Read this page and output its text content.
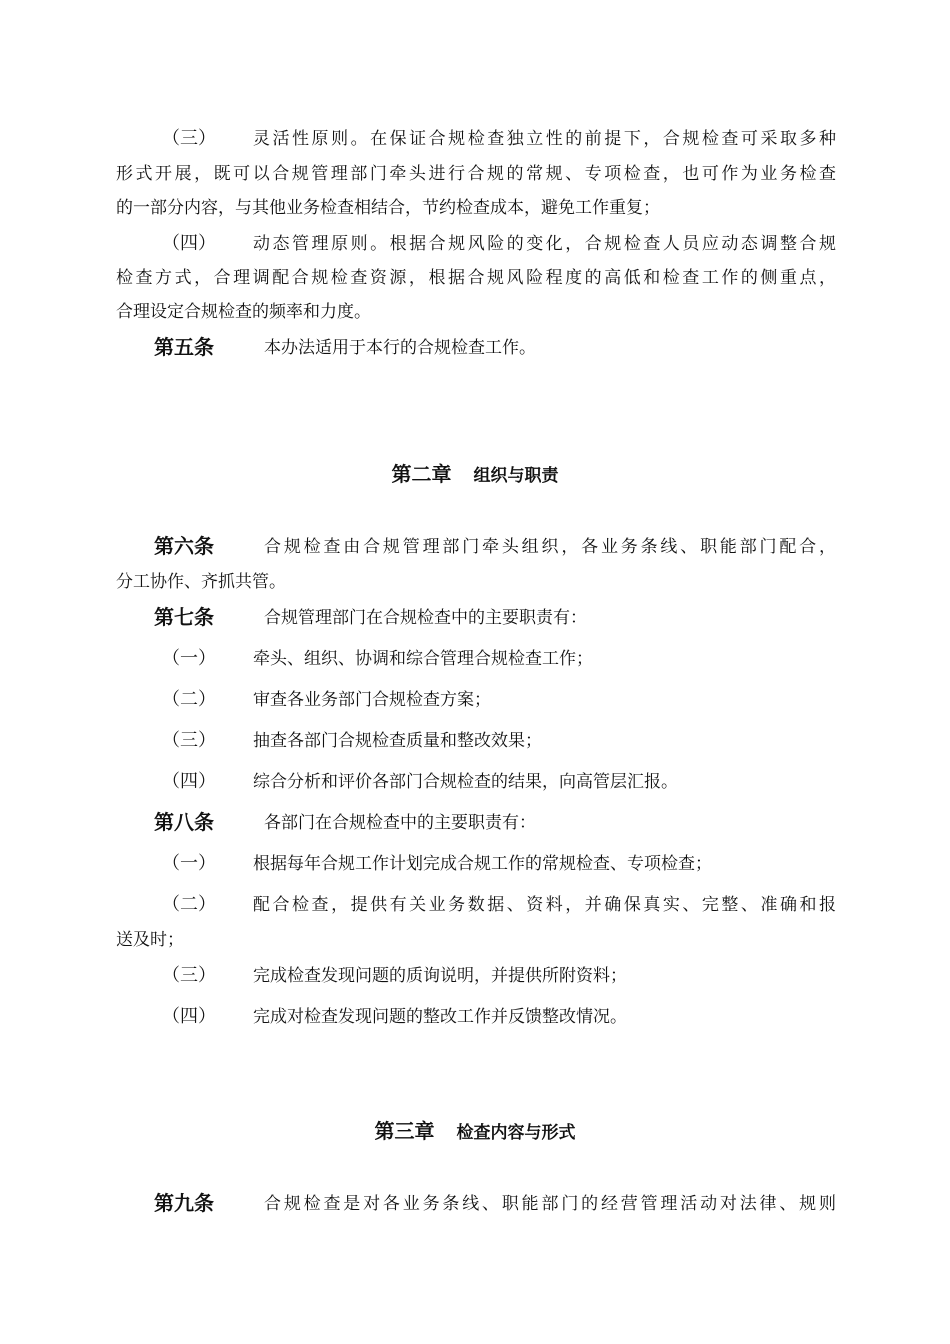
（三） 灵活性原则。在保证合规检查独立性的前提下，合规检查可采取多种
形式开展，既可以合规管理部门牵头进行合规的常规、专项检查，也可作为业务检查
的一部分内容，与其他业务检查相结合，节约检查成本，避免工作重复；
（四） 动态管理原则。根据合规风险的变化，合规检查人员应动态调整合规
检查方式，合理调配合规检查资源，根据合规风险程度的高低和检查工作的侧重点，
合理设定合规检查的频率和力度。
第五条	本办法适用于本行的合规检查工作。
第二章 组织与职责
第六条	合规检查由合规管理部门牵头组织，各业务条线、职能部门配合，
分工协作、齐抓共管。
第七条	合规管理部门在合规检查中的主要职责有：
（一） 牵头、组织、协调和综合管理合规检查工作；
（二） 审查各业务部门合规检查方案；
（三） 抽查各部门合规检查质量和整改效果；
（四） 综合分析和评价各部门合规检查的结果，向高管层汇报。
第八条	各部门在合规检查中的主要职责有：
（一） 根据每年合规工作计划完成合规工作的常规检查、专项检查；
（二） 配合检查，提供有关业务数据、资料，并确保真实、完整、准确和报
送及时；
（三） 完成检查发现问题的质询说明，并提供所附资料；
（四） 完成对检查发现问题的整改工作并反馈整改情况。
第三章 检查内容与形式
第九条	合规检查是对各业务条线、职能部门的经营管理活动对法律、规则
